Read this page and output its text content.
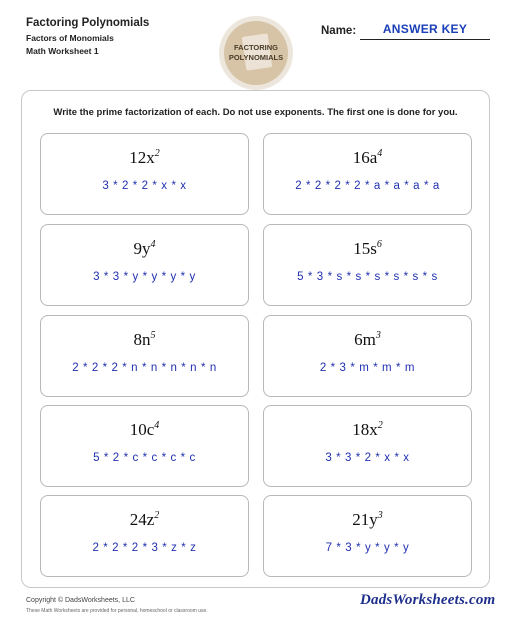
Factoring Polynomials
Factors of Monomials
Math Worksheet 1	FACTORING
POLYNOMIALS
Name:	ANSWER KEY
Write the prime factorization of each. Do not use exponents. The first one is done for you.
$12x^2$
3 * 2 * 2 * x * x
$16a^4$
2 * 2 * 2 * 2 * a * a * a * a
$9y^4$
3 * 3 * y * y * y * y
$15s^6$
5 * 3 * s * s * s * s * s * s
$8n^5$
2 * 2 * 2 * n * n * n * n * n
$6m^3$
2 * 3 * m * m * m
$10c^4$
5 * 2 * c * c * c * c
$18x^2$
3 * 3 * 2 * x * x
$24z^2$
2 * 2 * 2 * 3 * z * z
$21y^3$
7 * 3 * y * y * y
Copyright © DadsWorksheets, LLC
These Math Worksheets are provided for personal, homeschool or classroom use.
DadsWorksheets.com
